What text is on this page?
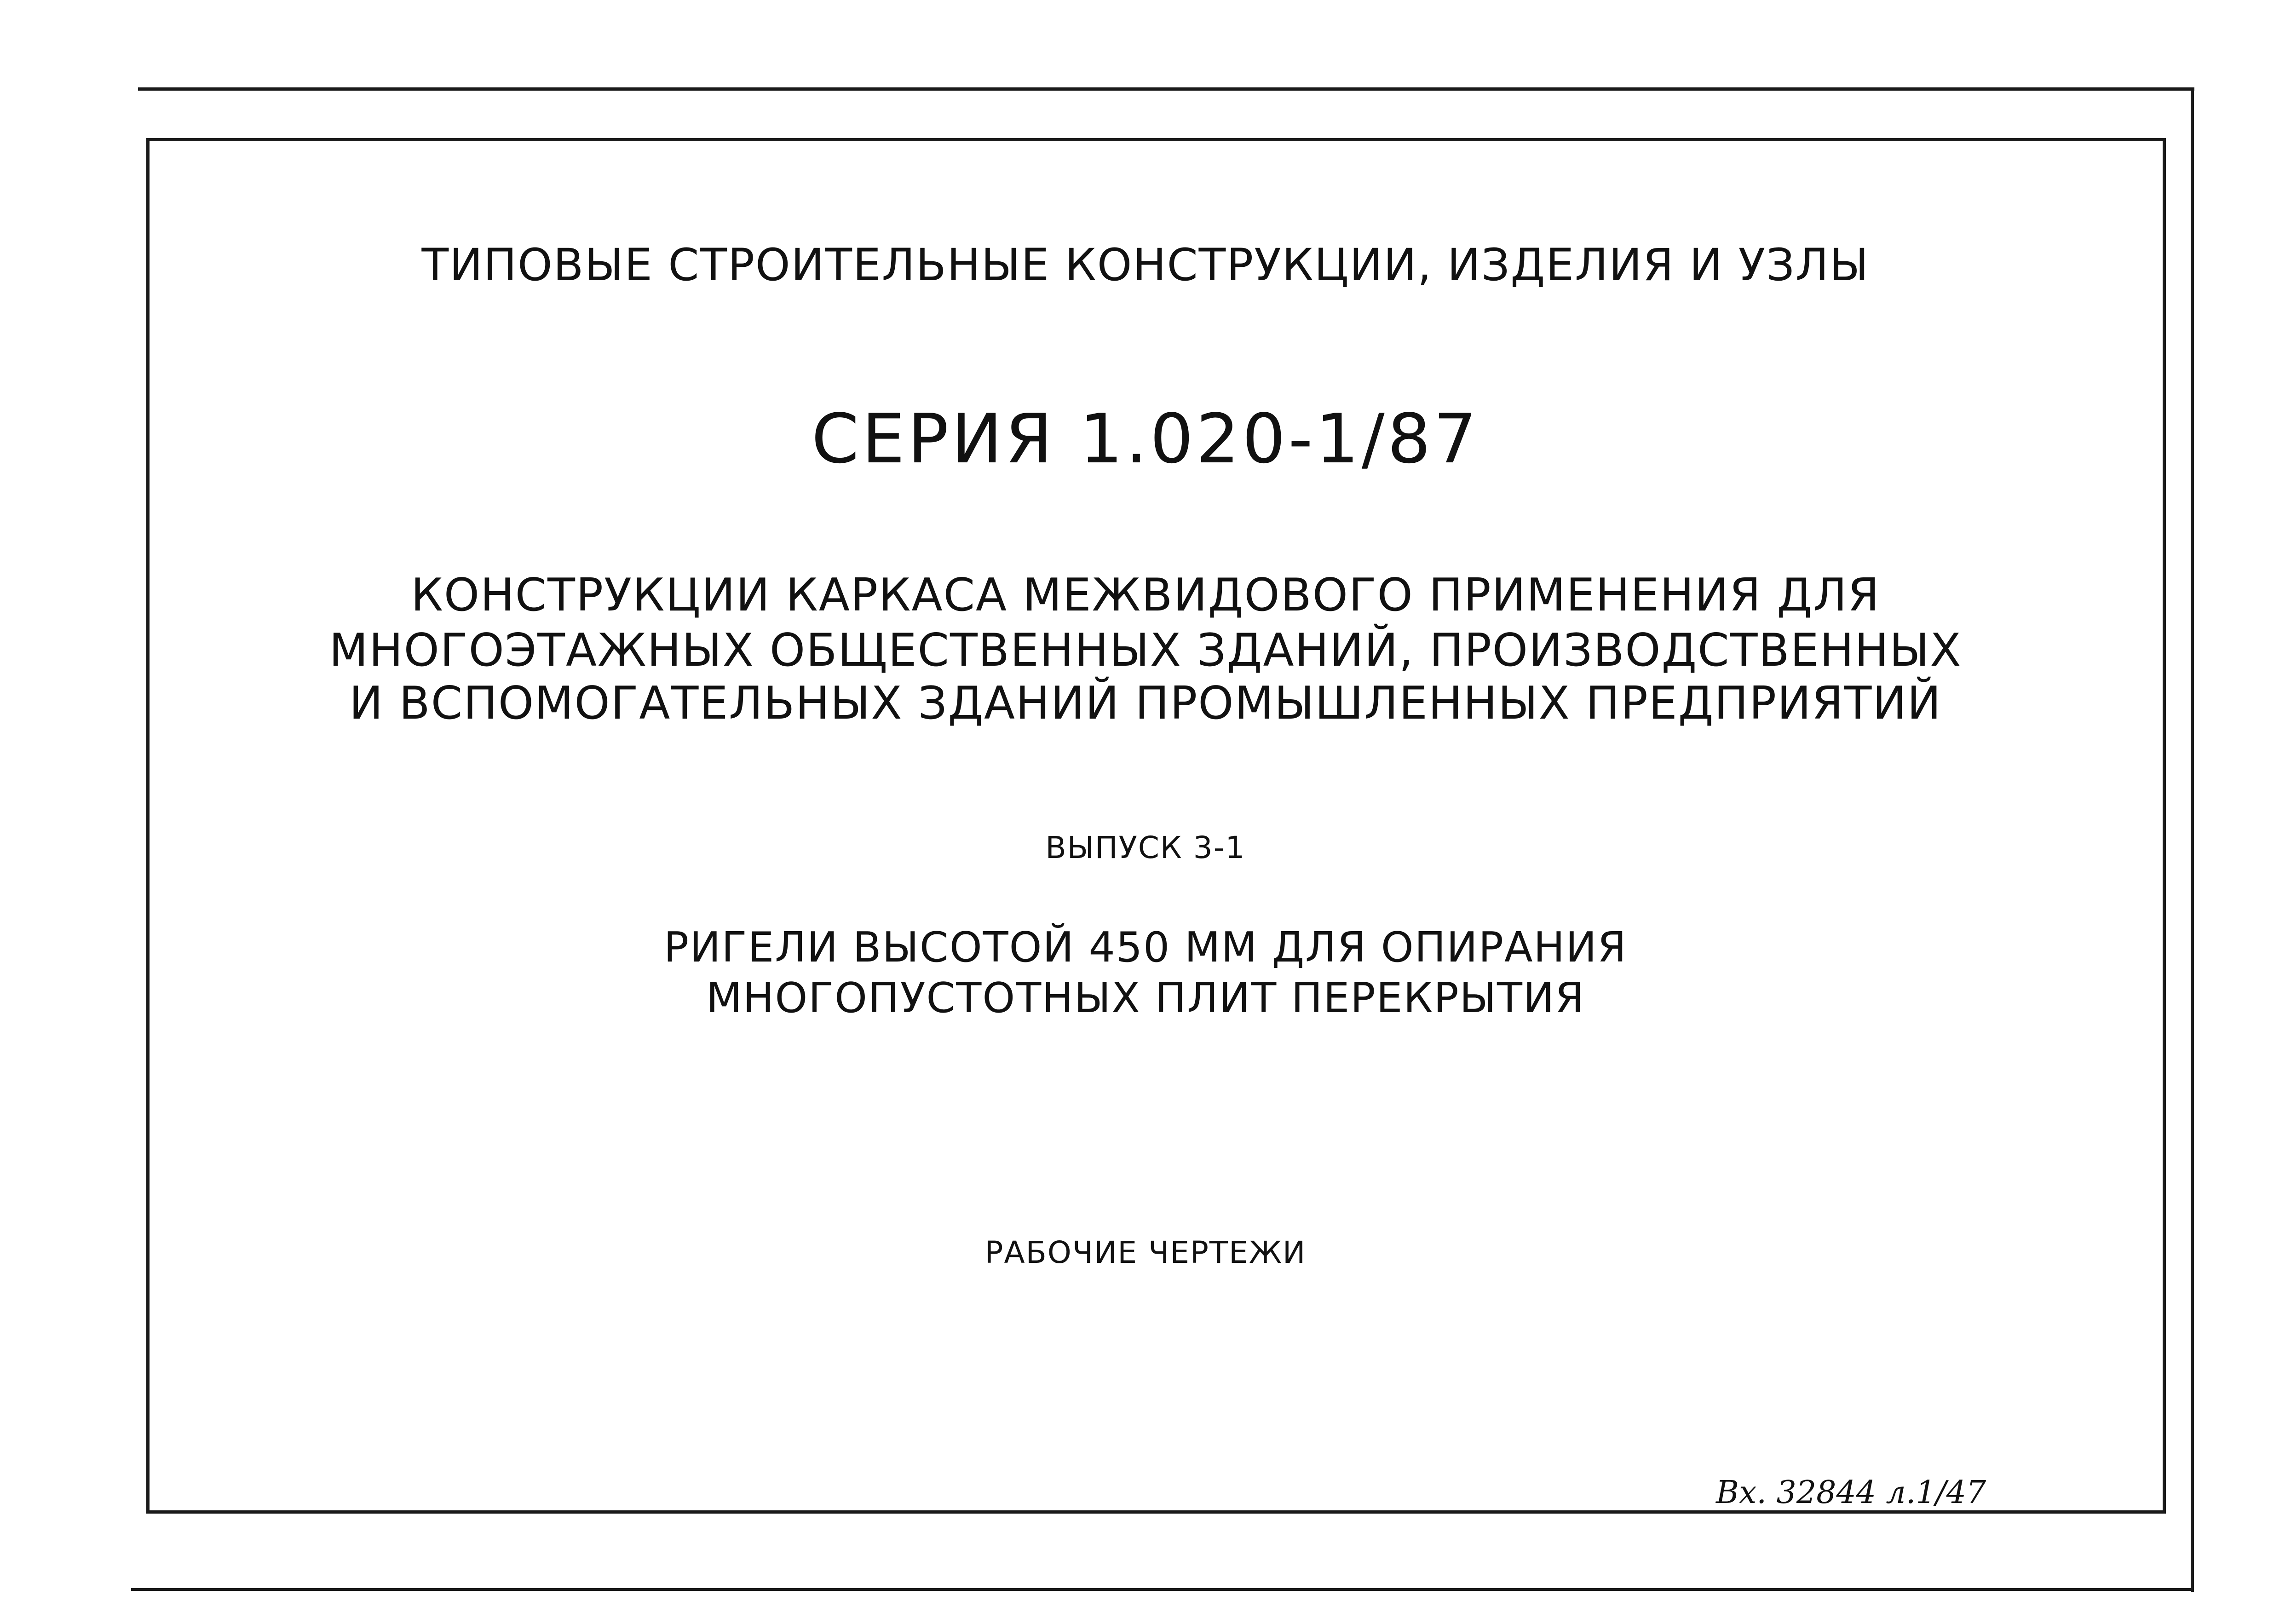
ТИПОВЫЕ СТРОИТЕЛЬНЫЕ КОНСТРУКЦИИ, ИЗДЕЛИЯ И УЗЛЫ
СЕРИЯ 1.020-1/87
КОНСТРУКЦИИ КАРКАСА МЕЖВИДОВОГО ПРИМЕНЕНИЯ ДЛЯ
МНОГОЭТАЖНЫХ ОБЩЕСТВЕННЫХ ЗДАНИЙ, ПРОИЗВОДСТВЕННЫХ
И ВСПОМОГАТЕЛЬНЫХ ЗДАНИЙ ПРОМЫШЛЕННЫХ ПРЕДПРИЯТИЙ
ВЫПУСК 3-1
РИГЕЛИ ВЫСОТОЙ 450 ММ ДЛЯ ОПИРАНИЯ
МНОГОПУСТОТНЫХ ПЛИТ ПЕРЕКРЫТИЯ
РАБОЧИЕ ЧЕРТЕЖИ
Вх. 32844 л.1/47
